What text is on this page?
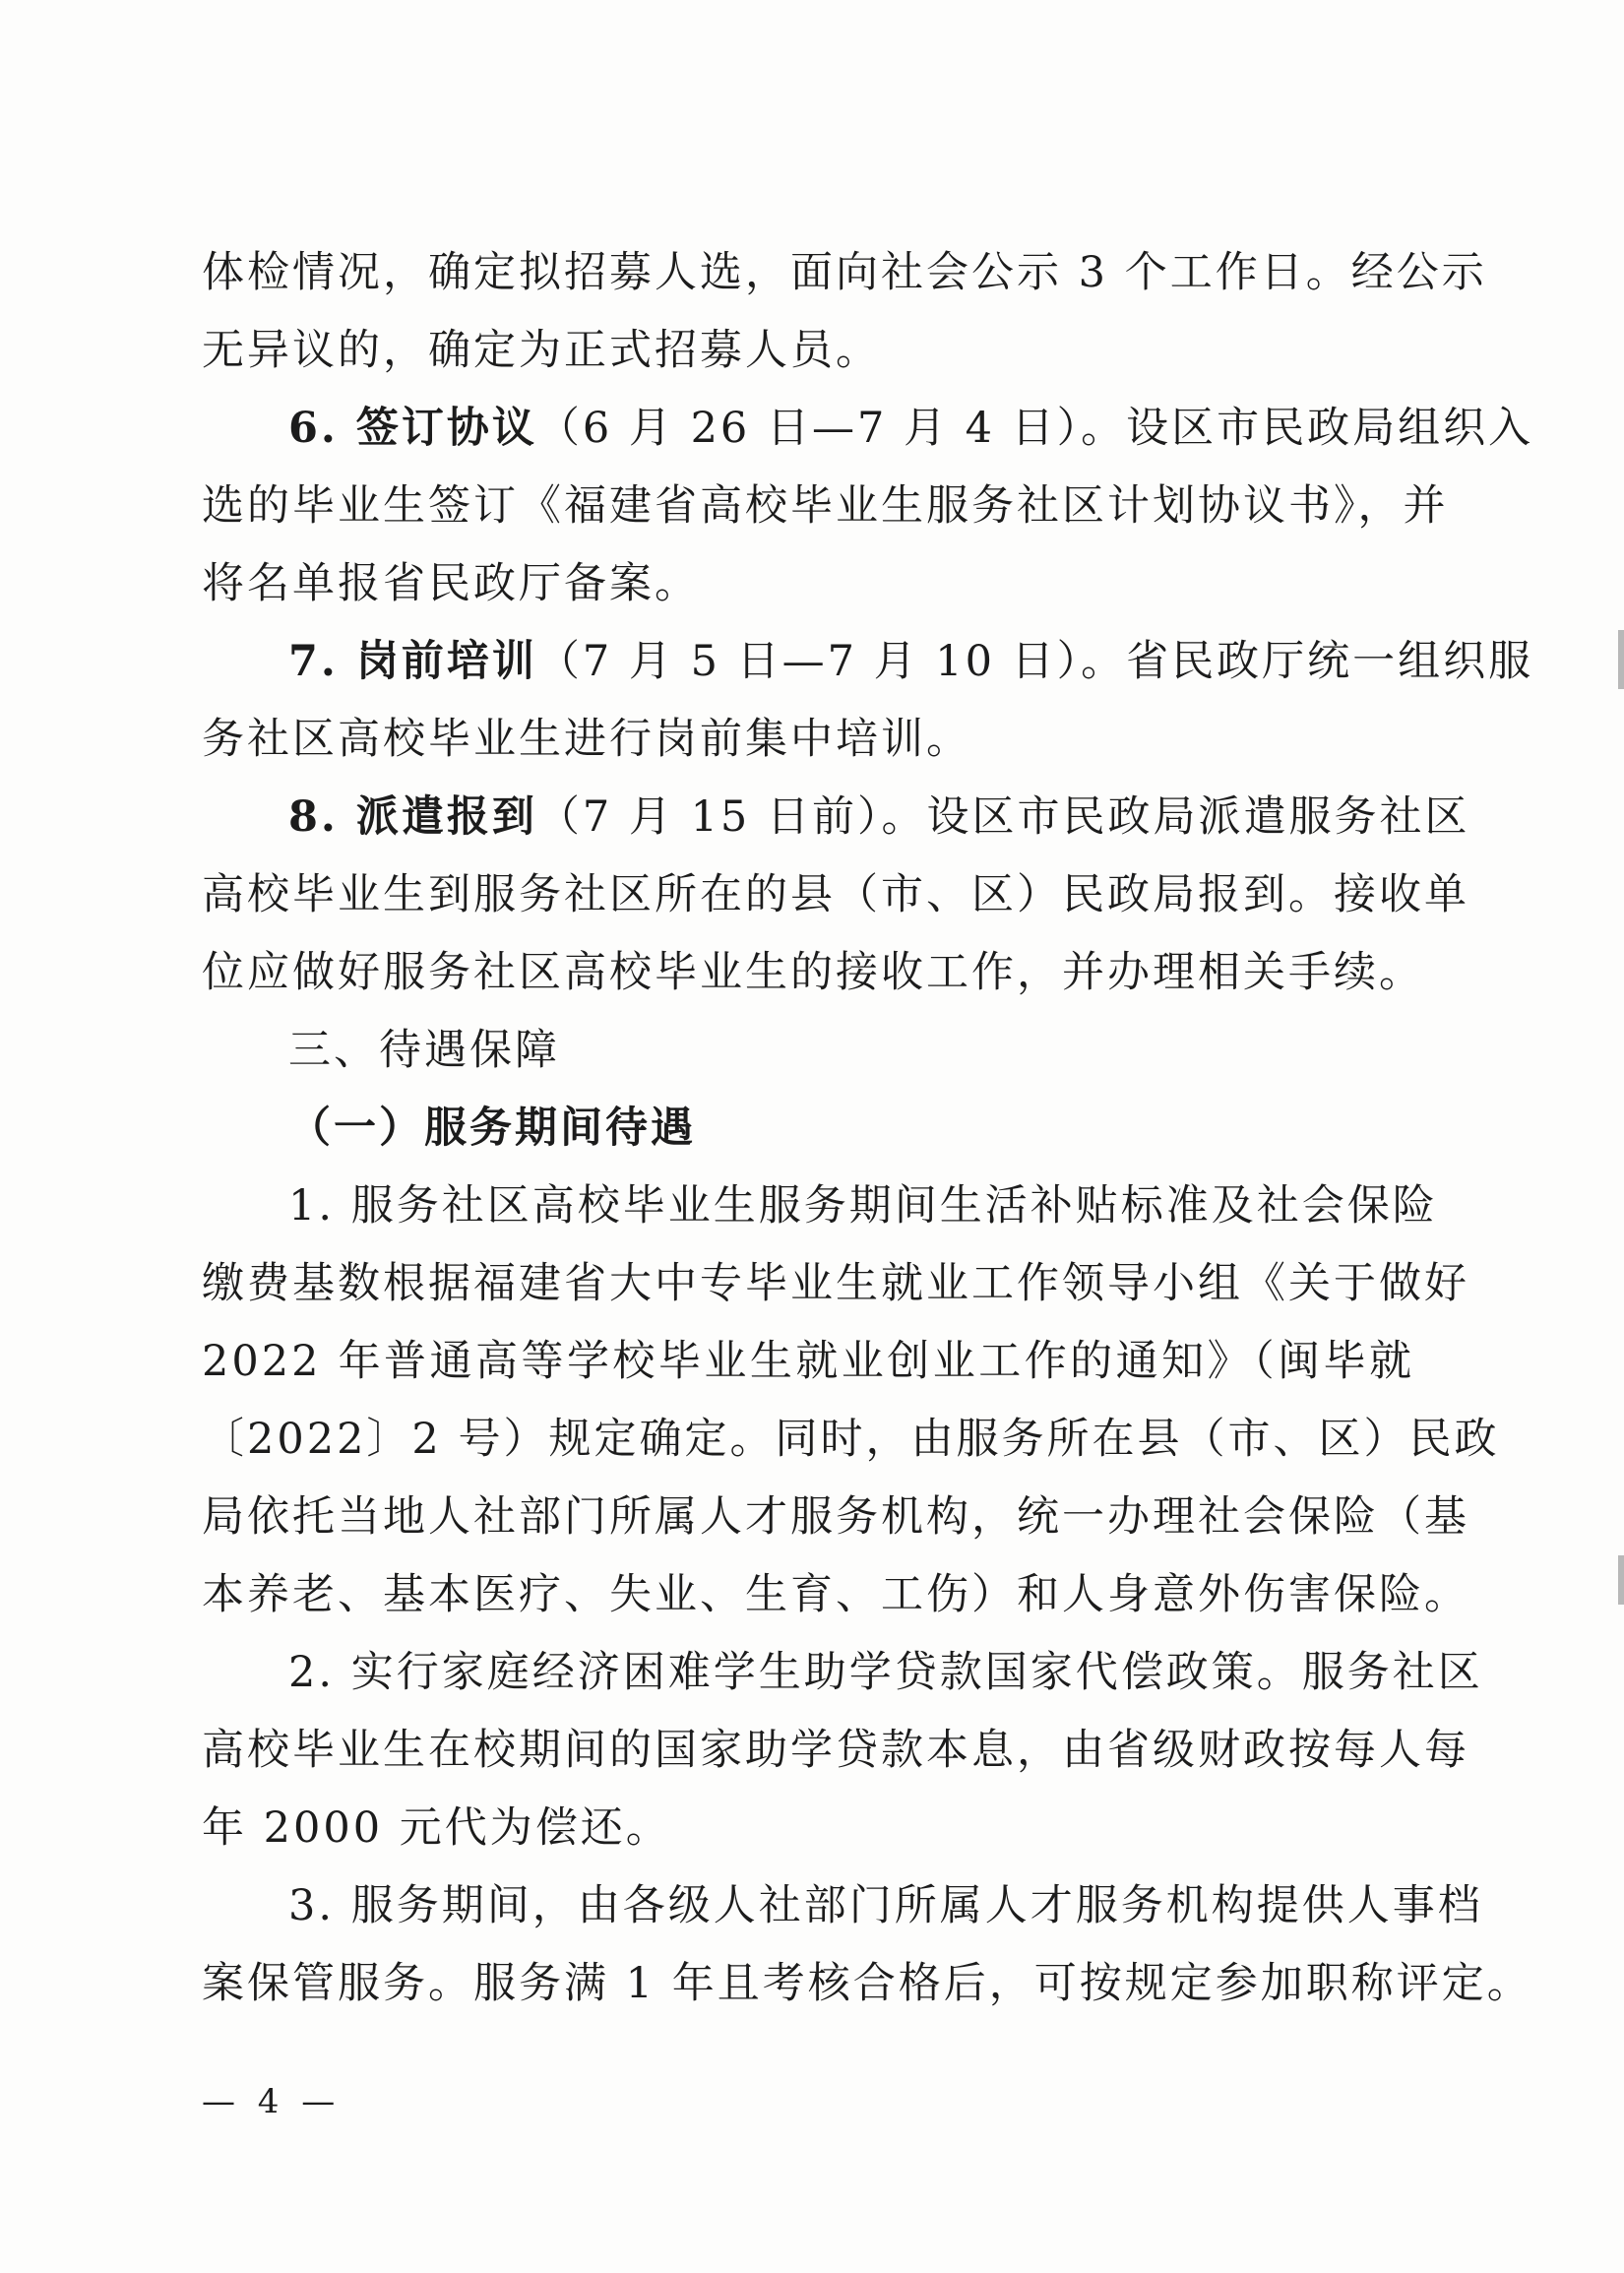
体检情况，确定拟招募人选，面向社会公示 3 个工作日。经公示
无异议的，确定为正式招募人员。
6. 签订协议（6 月 26 日—7 月 4 日）。设区市民政局组织入
选的毕业生签订《福建省高校毕业生服务社区计划协议书》，并
将名单报省民政厅备案。
7. 岗前培训（7 月 5 日—7 月 10 日）。省民政厅统一组织服
务社区高校毕业生进行岗前集中培训。
8. 派遣报到（7 月 15 日前）。设区市民政局派遣服务社区
高校毕业生到服务社区所在的县（市、区）民政局报到。接收单
位应做好服务社区高校毕业生的接收工作，并办理相关手续。
三、待遇保障
（一）服务期间待遇
1. 服务社区高校毕业生服务期间生活补贴标准及社会保险
缴费基数根据福建省大中专毕业生就业工作领导小组《关于做好
2022 年普通高等学校毕业生就业创业工作的通知》（闽毕就
〔2022〕2 号）规定确定。同时，由服务所在县（市、区）民政
局依托当地人社部门所属人才服务机构，统一办理社会保险（基
本养老、基本医疗、失业、生育、工伤）和人身意外伤害保险。
2. 实行家庭经济困难学生助学贷款国家代偿政策。服务社区
高校毕业生在校期间的国家助学贷款本息，由省级财政按每人每
年 2000 元代为偿还。
3. 服务期间，由各级人社部门所属人才服务机构提供人事档
案保管服务。服务满 1 年且考核合格后，可按规定参加职称评定。
— 4 —
